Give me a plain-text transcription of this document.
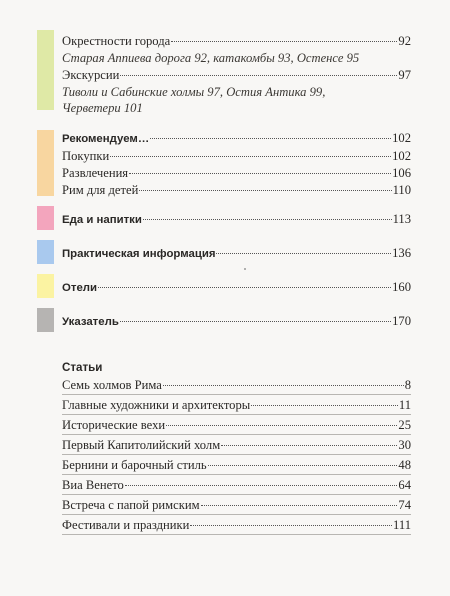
Окрестности города	92
Старая Аппиева дорога 92, катакомбы 93, Остенсе 95
Экскурсии	97
Тиволи и Сабинские холмы 97, Остия Антика 99,
Черветери 101
Рекомендуем…	102
Покупки	102
Развлечения	106
Рим для детей	110
Еда и напитки	113
Практическая информация	136
Отели	160
Указатель	170
Статьи
Семь холмов Рима	8
Главные художники и архитекторы	11
Исторические вехи	25
Первый Капитолийский холм	30
Бернини и барочный стиль	48
Виа Венето	64
Встреча с папой римским	74
Фестивали и праздники	111
